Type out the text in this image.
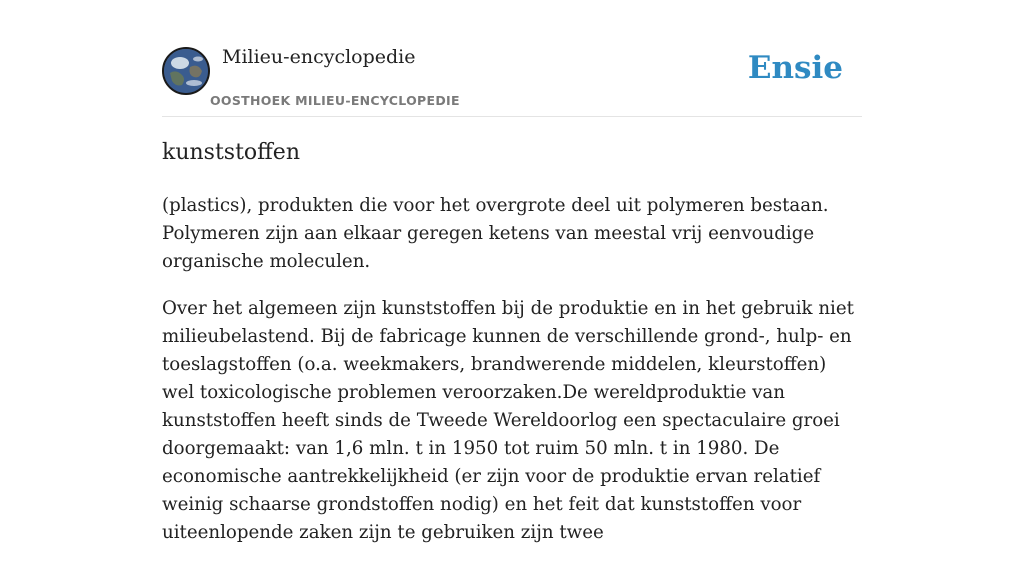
Milieu-encyclopedie
OOSTHOEK MILIEU-ENCYCLOPEDIE
Ensie
kunststoffen

(plastics), produkten die voor het overgrote deel uit polymeren bestaan. Polymeren zijn aan elkaar geregen ketens van meestal vrij eenvoudige organische moleculen.

Over het algemeen zijn kunststoffen bij de produktie en in het gebruik niet milieubelastend. Bij de fabricage kunnen de verschillende grond-, hulp- en toeslagstoffen (o.a. weekmakers, brandwerende middelen, kleurstoffen) wel toxicologische problemen veroorzaken.De wereldproduktie van kunststoffen heeft sinds de Tweede Wereldoorlog een spectaculaire groei doorgemaakt: van 1,6 mln. t in 1950 tot ruim 50 mln. t in 1980. De economische aantrekkelijkheid (er zijn voor de produktie ervan relatief weinig schaarse grondstoffen nodig) en het feit dat kunststoffen voor uiteenlopende zaken zijn te gebruiken zijn twee
